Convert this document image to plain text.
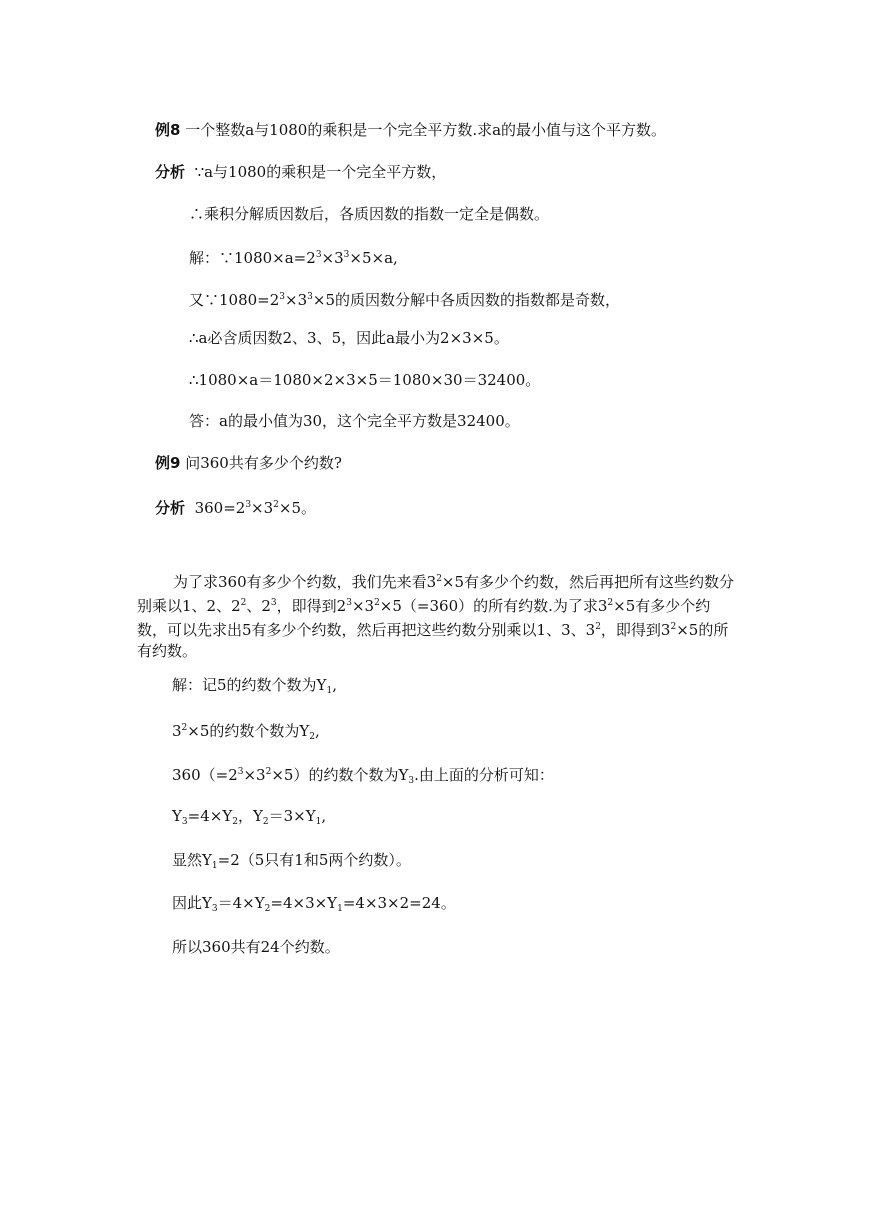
例8 一个整数a与1080的乘积是一个完全平方数.求a的最小值与这个平方数。
分析 ∵a与1080的乘积是一个完全平方数，
∴乘积分解质因数后，各质因数的指数一定全是偶数。
解：$\because 1080\times a=2^3\times 3^3\times 5\times a$,
又$\because 1080=2^3\times 3^3\times 5$的质因数分解中各质因数的指数都是奇数，
∴a必含质因数2、3、5，因此a最小为2×3×5。
∴1080×a＝1080×2×3×5＝1080×30＝32400。
答：a的最小值为30，这个完全平方数是32400。
例9 问360共有多少个约数?
分析 $360=2^3\times 3^2\times 5$。
为了求360有多少个约数，我们先来看$3^2\times 5$有多少个约数，然后再把所有这些约数分别乘以1、2、$2^2$、$2^3$，即得到$2^3\times 3^2\times 5(=360)$的所有约数.为了求$3^2\times 5$有多少个约数，可以先求出5有多少个约数，然后再把这些约数分别乘以1、3、$3^2$，即得到$3^2\times 5$的所有约数。
解：记5的约数个数为$Y_1$,
$3^2\times 5$的约数个数为$Y_2$,
$360(=2^3\times 3^2\times 5)$的约数个数为$Y_3$.由上面的分析可知：
$Y_3=4\times Y_2$，$Y_2=3\times Y_1$,
显然$Y_1=2(5$只有1和5两个约数）。
因此$Y_3=4\times Y_2=4\times 3\times Y_1=4\times 3\times 2=24$。
所以360共有24个约数。
